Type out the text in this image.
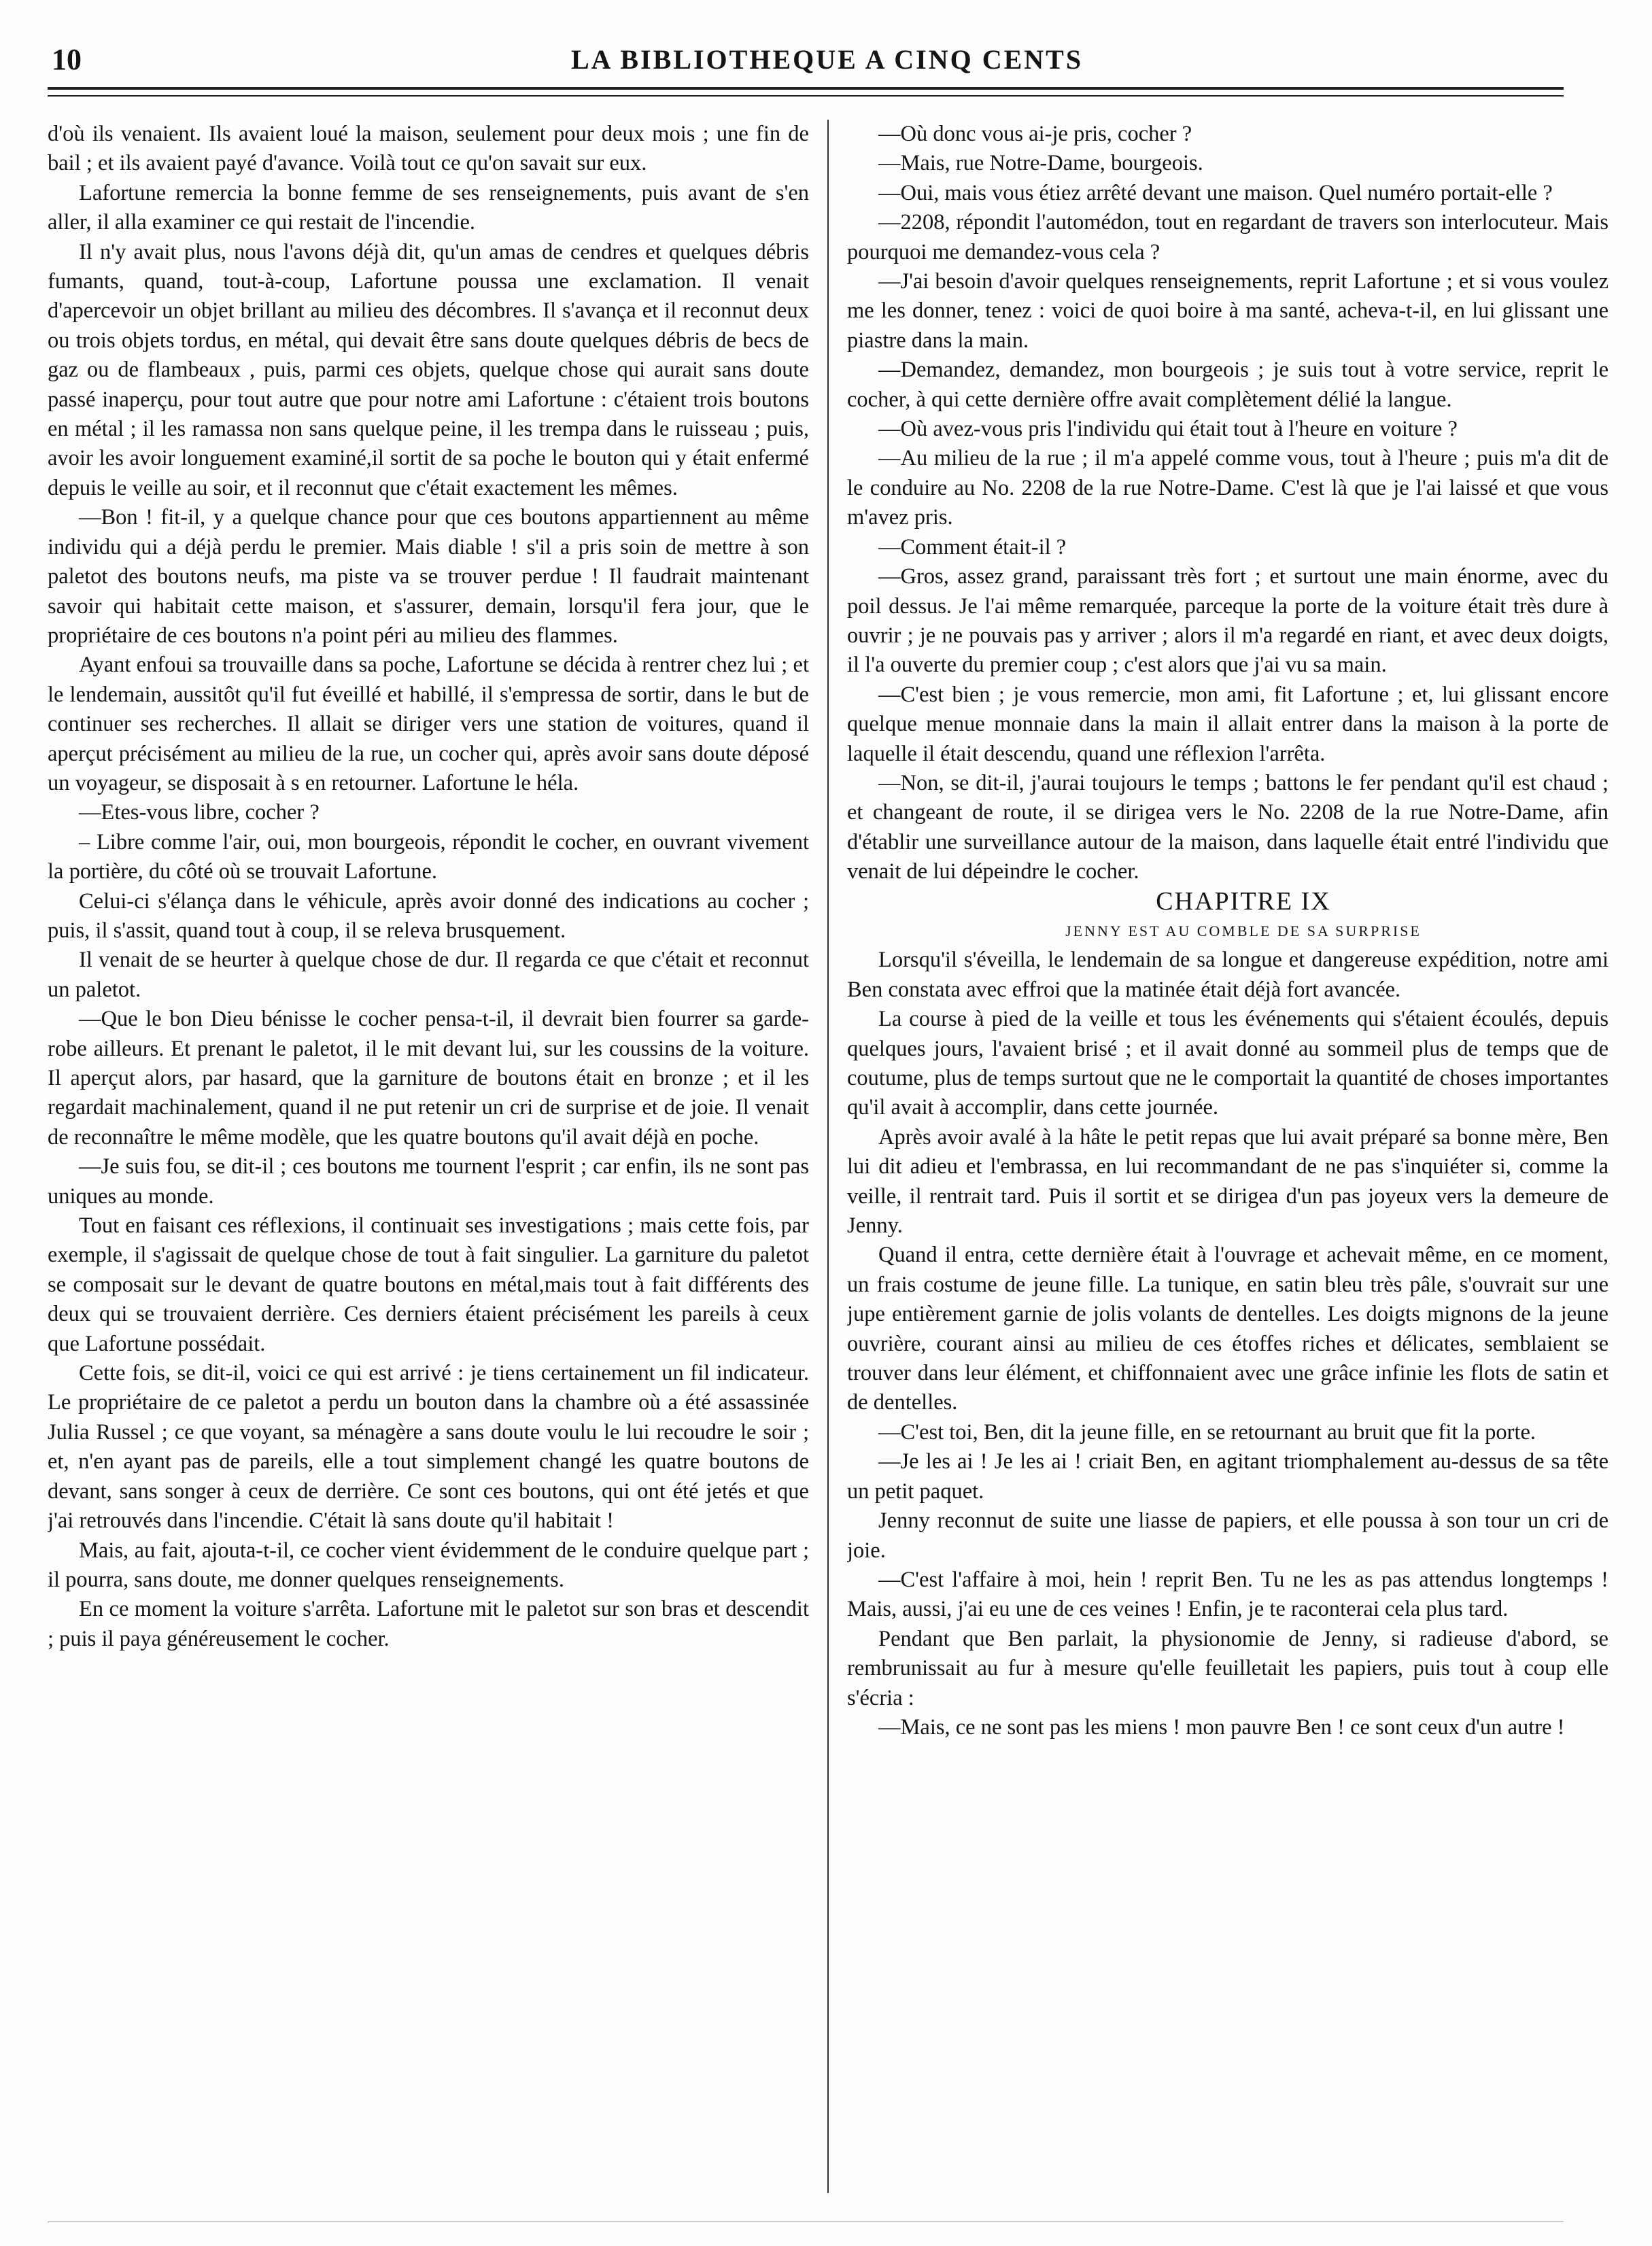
10	LA BIBLIOTHEQUE A CINQ CENTS

d'où ils venaient. Ils avaient loué la maison, seulement pour deux mois ; une fin de bail ; et ils avaient payé d'avance. Voilà tout ce qu'on savait sur eux.

Lafortune remercia la bonne femme de ses renseignements, puis avant de s'en aller, il alla examiner ce qui restait de l'incendie.

Il n'y avait plus, nous l'avons déjà dit, qu'un amas de cendres et quelques débris fumants, quand, tout-à-coup, Lafortune poussa une exclamation. Il venait d'apercevoir un objet brillant au milieu des décombres. Il s'avança et il reconnut deux ou trois objets tordus, en métal, qui devait être sans doute quelques débris de becs de gaz ou de flambeaux , puis, parmi ces objets, quelque chose qui aurait sans doute passé inaperçu, pour tout autre que pour notre ami Lafortune : c'étaient trois boutons en métal ; il les ramassa non sans quelque peine, il les trempa dans le ruisseau ; puis, avoir les avoir longuement examiné,il sortit de sa poche le bouton qui y était enfermé depuis le veille au soir, et il reconnut que c'était exactement les mêmes.

—Bon ! fit-il, y a quelque chance pour que ces boutons appartiennent au même individu qui a déjà perdu le premier. Mais diable ! s'il a pris soin de mettre à son paletot des boutons neufs, ma piste va se trouver perdue ! Il faudrait maintenant savoir qui habitait cette maison, et s'assurer, demain, lorsqu'il fera jour, que le propriétaire de ces boutons n'a point péri au milieu des flammes.

Ayant enfoui sa trouvaille dans sa poche, Lafortune se décida à rentrer chez lui ; et le lendemain, aussitôt qu'il fut éveillé et habillé, il s'empressa de sortir, dans le but de continuer ses recherches. Il allait se diriger vers une station de voitures, quand il aperçut précisément au milieu de la rue, un cocher qui, après avoir sans doute déposé un voyageur, se disposait à s en retourner. Lafortune le héla.

—Etes-vous libre, cocher ?

– Libre comme l'air, oui, mon bourgeois, répondit le cocher, en ouvrant vivement la portière, du côté où se trouvait Lafortune.

Celui-ci s'élança dans le véhicule, après avoir donné des indications au cocher ; puis, il s'assit, quand tout à coup, il se releva brusquement.

Il venait de se heurter à quelque chose de dur. Il regarda ce que c'était et reconnut un paletot.

—Que le bon Dieu bénisse le cocher pensa-t-il, il devrait bien fourrer sa garde-robe ailleurs. Et prenant le paletot, il le mit devant lui, sur les coussins de la voiture. Il aperçut alors, par hasard, que la garniture de boutons était en bronze ; et il les regardait machinalement, quand il ne put retenir un cri de surprise et de joie. Il venait de reconnaître le même modèle, que les quatre boutons qu'il avait déjà en poche.

—Je suis fou, se dit-il ; ces boutons me tournent l'esprit ; car enfin, ils ne sont pas uniques au monde.

Tout en faisant ces réflexions, il continuait ses investigations ; mais cette fois, par exemple, il s'agissait de quelque chose de tout à fait singulier. La garniture du paletot se composait sur le devant de quatre boutons en métal,mais tout à fait différents des deux qui se trouvaient derrière. Ces derniers étaient précisément les pareils à ceux que Lafortune possédait.

Cette fois, se dit-il, voici ce qui est arrivé : je tiens certainement un fil indicateur. Le propriétaire de ce paletot a perdu un bouton dans la chambre où a été assassinée Julia Russel ; ce que voyant, sa ménagère a sans doute voulu le lui recoudre le soir ; et, n'en ayant pas de pareils, elle a tout simplement changé les quatre boutons de devant, sans songer à ceux de derrière. Ce sont ces boutons, qui ont été jetés et que j'ai retrouvés dans l'incendie. C'était là sans doute qu'il habitait !

Mais, au fait, ajouta-t-il, ce cocher vient évidemment de le conduire quelque part ; il pourra, sans doute, me donner quelques renseignements.

En ce moment la voiture s'arrêta. Lafortune mit le paletot sur son bras et descendit ; puis il paya généreusement le cocher.

—Où donc vous ai-je pris, cocher ?

—Mais, rue Notre-Dame, bourgeois.

—Oui, mais vous étiez arrêté devant une maison. Quel numéro portait-elle ?

—2208, répondit l'automédon, tout en regardant de travers son interlocuteur. Mais pourquoi me demandez-vous cela ?

—J'ai besoin d'avoir quelques renseignements, reprit Lafortune ; et si vous voulez me les donner, tenez : voici de quoi boire à ma santé, acheva-t-il, en lui glissant une piastre dans la main.

—Demandez, demandez, mon bourgeois ; je suis tout à votre service, reprit le cocher, à qui cette dernière offre avait complètement délié la langue.

—Où avez-vous pris l'individu qui était tout à l'heure en voiture ?

—Au milieu de la rue ; il m'a appelé comme vous, tout à l'heure ; puis m'a dit de le conduire au No. 2208 de la rue Notre-Dame. C'est là que je l'ai laissé et que vous m'avez pris.

—Comment était-il ?

—Gros, assez grand, paraissant très fort ; et surtout une main énorme, avec du poil dessus. Je l'ai même remarquée, parceque la porte de la voiture était très dure à ouvrir ; je ne pouvais pas y arriver ; alors il m'a regardé en riant, et avec deux doigts, il l'a ouverte du premier coup ; c'est alors que j'ai vu sa main.

—C'est bien ; je vous remercie, mon ami, fit Lafortune ; et, lui glissant encore quelque menue monnaie dans la main il allait entrer dans la maison à la porte de laquelle il était descendu, quand une réflexion l'arrêta.

—Non, se dit-il, j'aurai toujours le temps ; battons le fer pendant qu'il est chaud ; et changeant de route, il se dirigea vers le No. 2208 de la rue Notre-Dame, afin d'établir une surveillance autour de la maison, dans laquelle était entré l'individu que venait de lui dépeindre le cocher.

CHAPITRE IX

JENNY EST AU COMBLE DE SA SURPRISE

Lorsqu'il s'éveilla, le lendemain de sa longue et dangereuse expédition, notre ami Ben constata avec effroi que la matinée était déjà fort avancée.

La course à pied de la veille et tous les événements qui s'étaient écoulés, depuis quelques jours, l'avaient brisé ; et il avait donné au sommeil plus de temps que de coutume, plus de temps surtout que ne le comportait la quantité de choses importantes qu'il avait à accomplir, dans cette journée.

Après avoir avalé à la hâte le petit repas que lui avait préparé sa bonne mère, Ben lui dit adieu et l'embrassa, en lui recommandant de ne pas s'inquiéter si, comme la veille, il rentrait tard. Puis il sortit et se dirigea d'un pas joyeux vers la demeure de Jenny.

Quand il entra, cette dernière était à l'ouvrage et achevait même, en ce moment, un frais costume de jeune fille. La tunique, en satin bleu très pâle, s'ouvrait sur une jupe entièrement garnie de jolis volants de dentelles. Les doigts mignons de la jeune ouvrière, courant ainsi au milieu de ces étoffes riches et délicates, semblaient se trouver dans leur élément, et chiffonnaient avec une grâce infinie les flots de satin et de dentelles.

—C'est toi, Ben, dit la jeune fille, en se retournant au bruit que fit la porte.

—Je les ai ! Je les ai ! criait Ben, en agitant triomphalement au-dessus de sa tête un petit paquet.

Jenny reconnut de suite une liasse de papiers, et elle poussa à son tour un cri de joie.

—C'est l'affaire à moi, hein ! reprit Ben. Tu ne les as pas attendus longtemps ! Mais, aussi, j'ai eu une de ces veines ! Enfin, je te raconterai cela plus tard.

Pendant que Ben parlait, la physionomie de Jenny, si radieuse d'abord, se rembrunissait au fur à mesure qu'elle feuilletait les papiers, puis tout à coup elle s'écria :

—Mais, ce ne sont pas les miens ! mon pauvre Ben ! ce sont ceux d'un autre !
